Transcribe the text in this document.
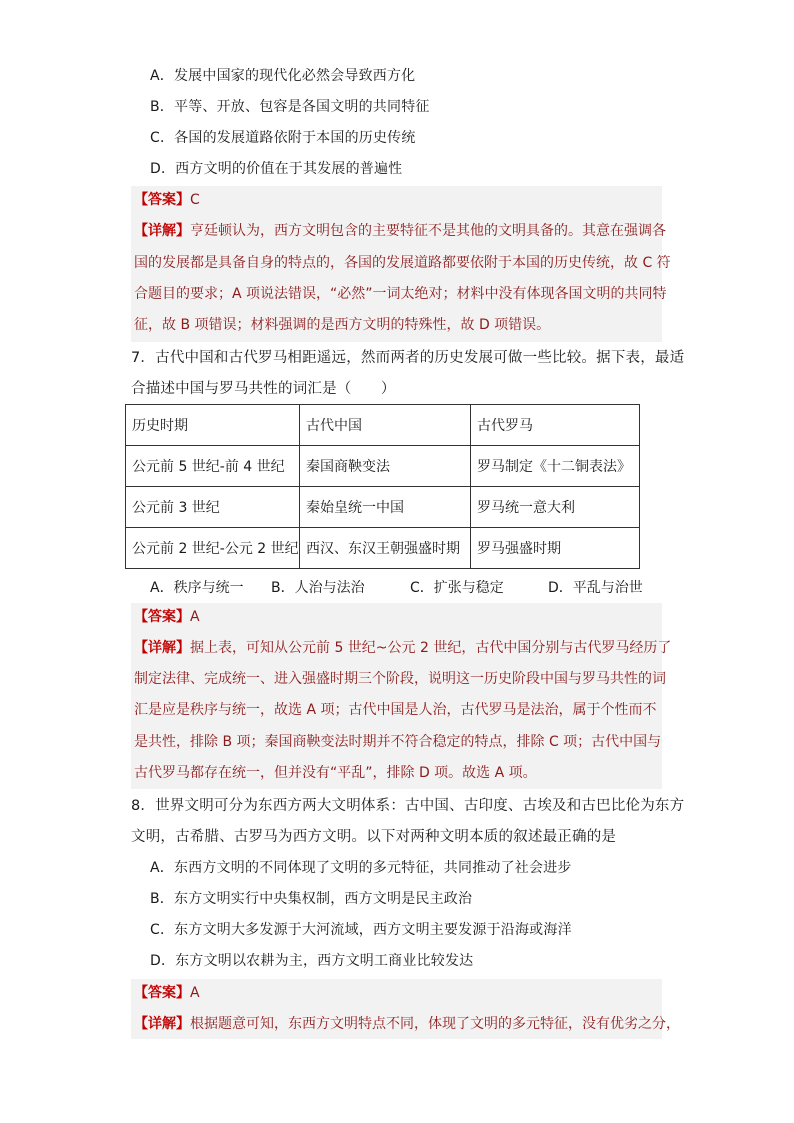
A．发展中国家的现代化必然会导致西方化
B．平等、开放、包容是各国文明的共同特征
C．各国的发展道路依附于本国的历史传统
D．西方文明的价值在于其发展的普遍性
【答案】C
【详解】亨廷顿认为，西方文明包含的主要特征不是其他的文明具备的。其意在强调各
国的发展都是具备自身的特点的，各国的发展道路都要依附于本国的历史传统，故 C 符
合题目的要求；A 项说法错误，“必然”一词太绝对；材料中没有体现各国文明的共同特
征，故 B 项错误；材料强调的是西方文明的特殊性，故 D 项错误。
7．古代中国和古代罗马相距遥远，然而两者的历史发展可做一些比较。据下表，最适
合描述中国与罗马共性的词汇是（　　）
历史时期	古代中国	古代罗马
公元前 5 世纪-前 4 世纪	秦国商鞅变法	罗马制定《十二铜表法》
公元前 3 世纪	秦始皇统一中国	罗马统一意大利
公元前 2 世纪-公元 2 世纪	西汉、东汉王朝强盛时期	罗马强盛时期
A．秩序与统一 B．人治与法治	C．扩张与稳定	D．平乱与治世
【答案】A
【详解】据上表，可知从公元前 5 世纪~公元 2 世纪，古代中国分别与古代罗马经历了
制定法律、完成统一、进入强盛时期三个阶段，说明这一历史阶段中国与罗马共性的词
汇是应是秩序与统一，故选 A 项；古代中国是人治，古代罗马是法治，属于个性而不
是共性，排除 B 项；秦国商鞅变法时期并不符合稳定的特点，排除 C 项；古代中国与
古代罗马都存在统一，但并没有“平乱”，排除 D 项。故选 A 项。
8．世界文明可分为东西方两大文明体系：古中国、古印度、古埃及和古巴比伦为东方
文明，古希腊、古罗马为西方文明。以下对两种文明本质的叙述最正确的是
A．东西方文明的不同体现了文明的多元特征，共同推动了社会进步
B．东方文明实行中央集权制，西方文明是民主政治
C．东方文明大多发源于大河流域，西方文明主要发源于沿海或海洋
D．东方文明以农耕为主，西方文明工商业比较发达
【答案】A
【详解】根据题意可知，东西方文明特点不同，体现了文明的多元特征，没有优劣之分，
